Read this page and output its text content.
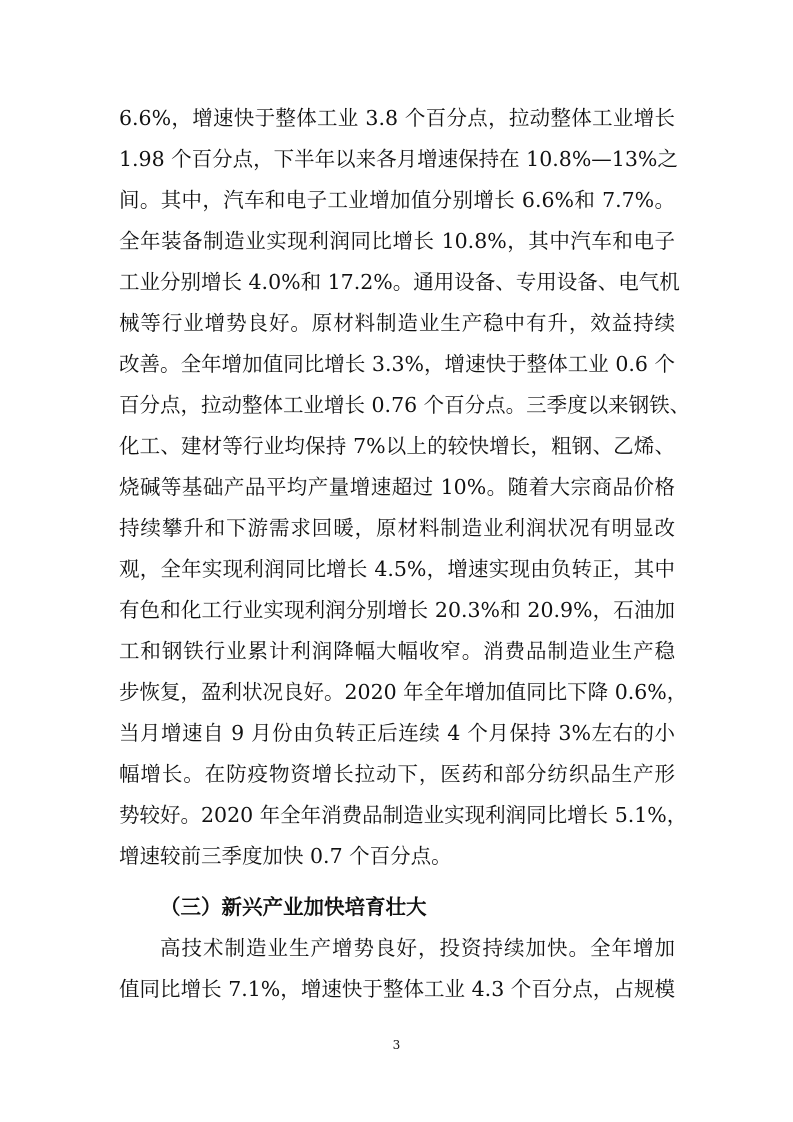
6.6%，增速快于整体工业 3.8 个百分点，拉动整体工业增长
1.98 个百分点，下半年以来各月增速保持在 10.8%—13%之
间。其中，汽车和电子工业增加值分别增长 6.6%和 7.7%。
全年装备制造业实现利润同比增长 10.8%，其中汽车和电子
工业分别增长 4.0%和 17.2%。通用设备、专用设备、电气机
械等行业增势良好。原材料制造业生产稳中有升，效益持续
改善。全年增加值同比增长 3.3%，增速快于整体工业 0.6 个
百分点，拉动整体工业增长 0.76 个百分点。三季度以来钢铁、
化工、建材等行业均保持 7%以上的较快增长，粗钢、乙烯、
烧碱等基础产品平均产量增速超过 10%。随着大宗商品价格
持续攀升和下游需求回暖，原材料制造业利润状况有明显改
观，全年实现利润同比增长 4.5%，增速实现由负转正，其中
有色和化工行业实现利润分别增长 20.3%和 20.9%，石油加
工和钢铁行业累计利润降幅大幅收窄。消费品制造业生产稳
步恢复，盈利状况良好。2020 年全年增加值同比下降 0.6%，
当月增速自 9 月份由负转正后连续 4 个月保持 3%左右的小
幅增长。在防疫物资增长拉动下，医药和部分纺织品生产形
势较好。2020 年全年消费品制造业实现利润同比增长 5.1%，
增速较前三季度加快 0.7 个百分点。
（三）新兴产业加快培育壮大
高技术制造业生产增势良好，投资持续加快。全年增加
值同比增长 7.1%，增速快于整体工业 4.3 个百分点，占规模
3
